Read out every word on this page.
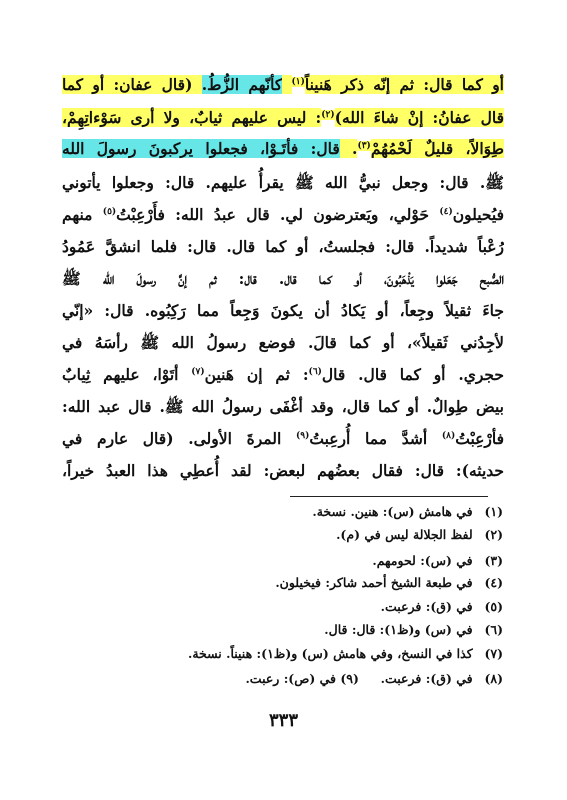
أو كما قال: ثم إنّه ذكر هَنيناً$^{(١)}$ كأنّهم الزُّطُ. (قال عفان: أو كما
قال عفانُ: إنْ شاءَ الله)$^{(٢)}$: ليس عليهم ثيابٌ، ولا أرى سَوْءاتِهِمْ،
طِوَالاً، قليلٌ لَحْمُهُمْ$^{(٣)}$. قال: فأتَـوْا، فجعلوا يركبونَ رسولَ الله
ﷺ. قال: وجعل نبيُّ الله ﷺ يقرأُ عليهم. قال: وجعلوا يأتوني
فيُحيلون$^{(٤)}$ حَوْلي، ويَعترضون لي. قال عبدُ الله: فأَرْعِبْتُ$^{(٥)}$ منهم
رُعْباً شديداً. قال: فجلستُ، أو كما قال. قال: فلما انشقَّ عَمُودُ
الصُّبح جَعَلوا يَذْهَبُونَ، أو كما قال. قال: ثم إنَّ رسولَ الله ﷺ
جاءَ ثقيلاً وجِعاً، أو يَكادُ أن يكونَ وَجِعاً مما رَكِبُوه. قال: «إنّي
لأجِدُني ثَقيلاً»، أو كما قالَ. فوضع رسولُ الله ﷺ رأسَهُ في
حجري. أو كما قال. قال$^{(٦)}$: ثم إن هَنين$^{(٧)}$ أتَوْا، عليهم ثِيابٌ
بيض طِوالٌ. أو كما قال، وقد أغْفَى رسولُ الله ﷺ. قال عبد الله:
فأرْعِبْتُ$^{(٨)}$ أشدَّ مما أُرعِبتُ$^{(٩)}$ المرةَ الأولى. (قال عارم في
حديثه): قال: فقال بعضُهم لبعض: لقد أُعطِي هذا العبدُ خيراً،
(١) في هامش (س): هنين. نسخة.
(٢) لفظ الجلالة ليس في (م).
(٣) في (س): لحومهم.
(٤) في طبعة الشيخ أحمد شاكر: فيخيلون.
(٥) في (ق): فرعبت.
(٦) في (س) و(ظ١): قال: قال.
(٧) كذا في النسخ، وفي هامش (س) و(ظ١): هنيناً. نسخة.
(٨) في (ق): فرعبت.     (٩) في (ص): رعبت.
٣٣٣
